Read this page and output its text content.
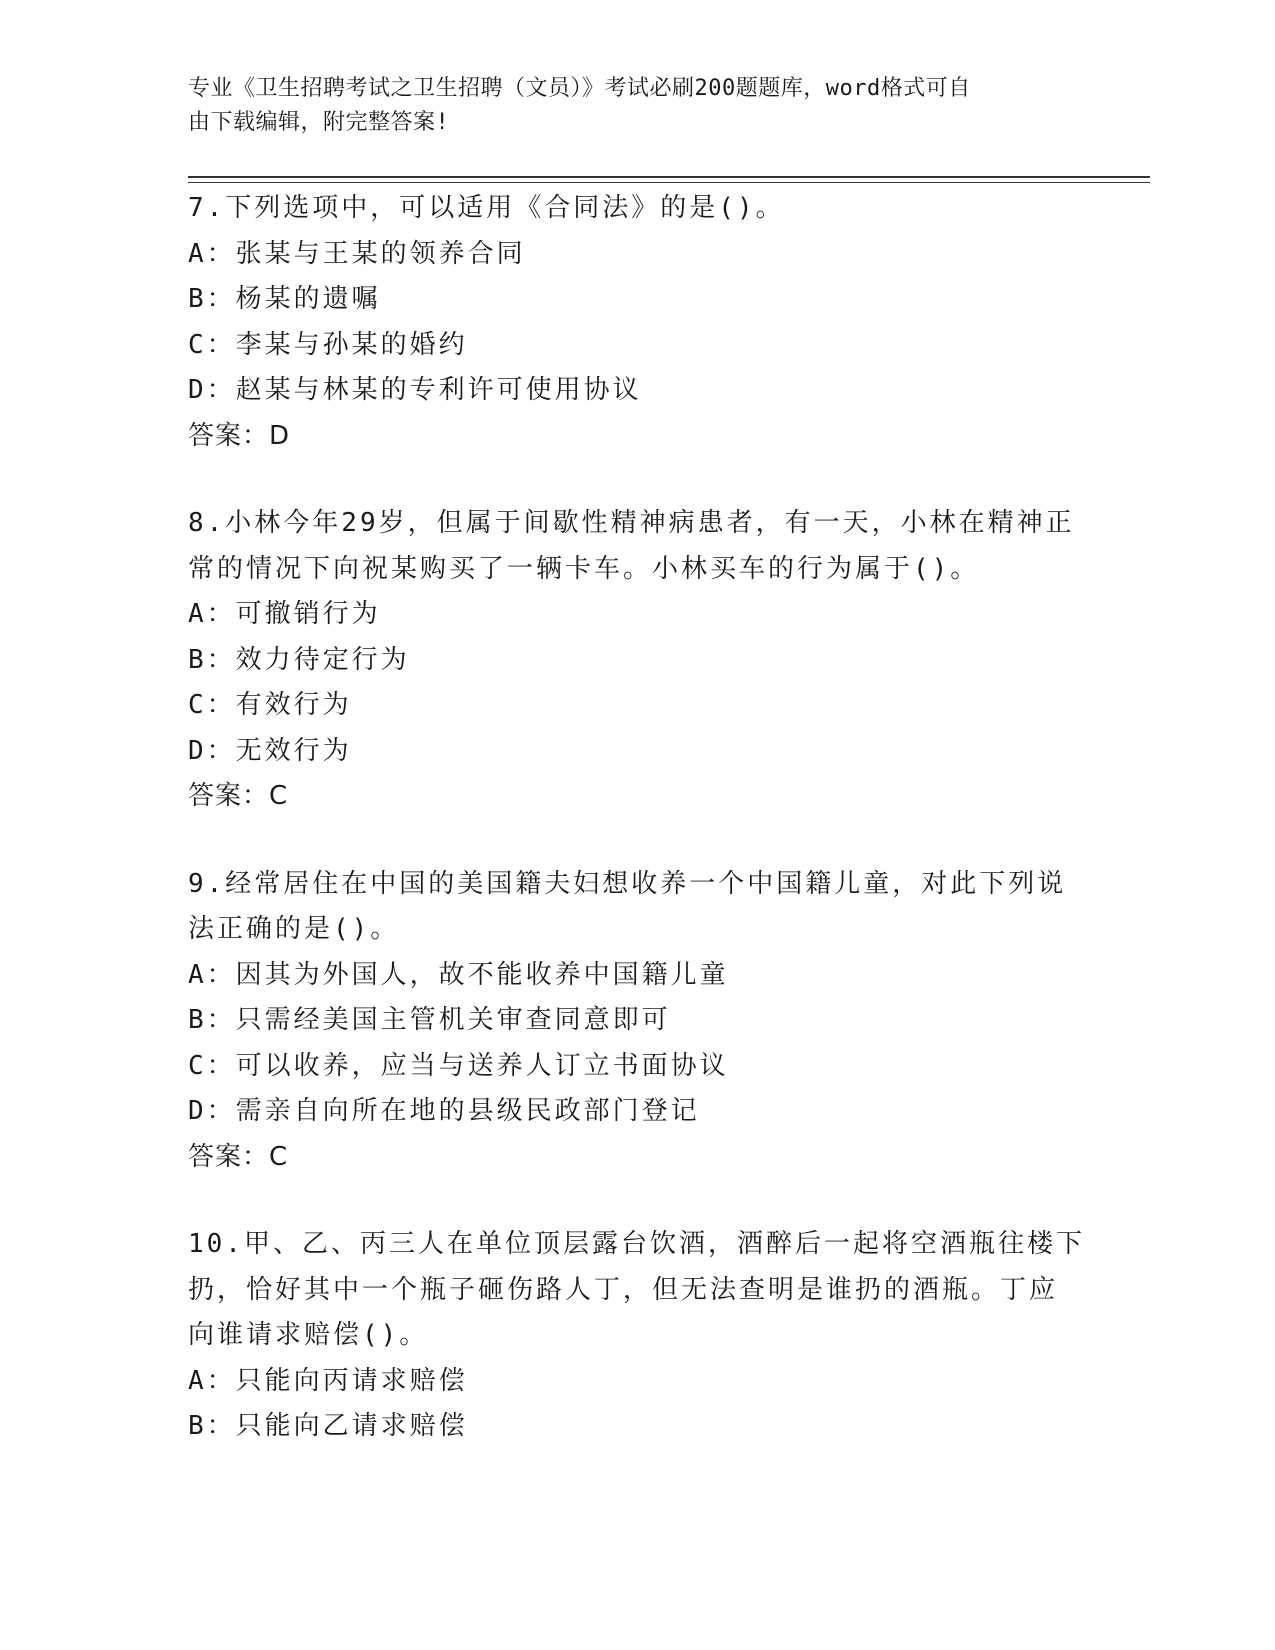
专业《卫生招聘考试之卫生招聘（文员）》考试必刷200题题库，word格式可自
由下载编辑，附完整答案!
7.下列选项中，可以适用《合同法》的是()。
A：张某与王某的领养合同
B：杨某的遗嘱
C：李某与孙某的婚约
D：赵某与林某的专利许可使用协议
答案：D
8.小林今年29岁，但属于间歇性精神病患者，有一天，小林在精神正
常的情况下向祝某购买了一辆卡车。小林买车的行为属于()。
A：可撤销行为
B：效力待定行为
C：有效行为
D：无效行为
答案：C
9.经常居住在中国的美国籍夫妇想收养一个中国籍儿童，对此下列说
法正确的是()。
A：因其为外国人，故不能收养中国籍儿童
B：只需经美国主管机关审查同意即可
C：可以收养，应当与送养人订立书面协议
D：需亲自向所在地的县级民政部门登记
答案：C
10.甲、乙、丙三人在单位顶层露台饮酒，酒醉后一起将空酒瓶往楼下
扔，恰好其中一个瓶子砸伤路人丁，但无法查明是谁扔的酒瓶。丁应
向谁请求赔偿()。
A：只能向丙请求赔偿
B：只能向乙请求赔偿
